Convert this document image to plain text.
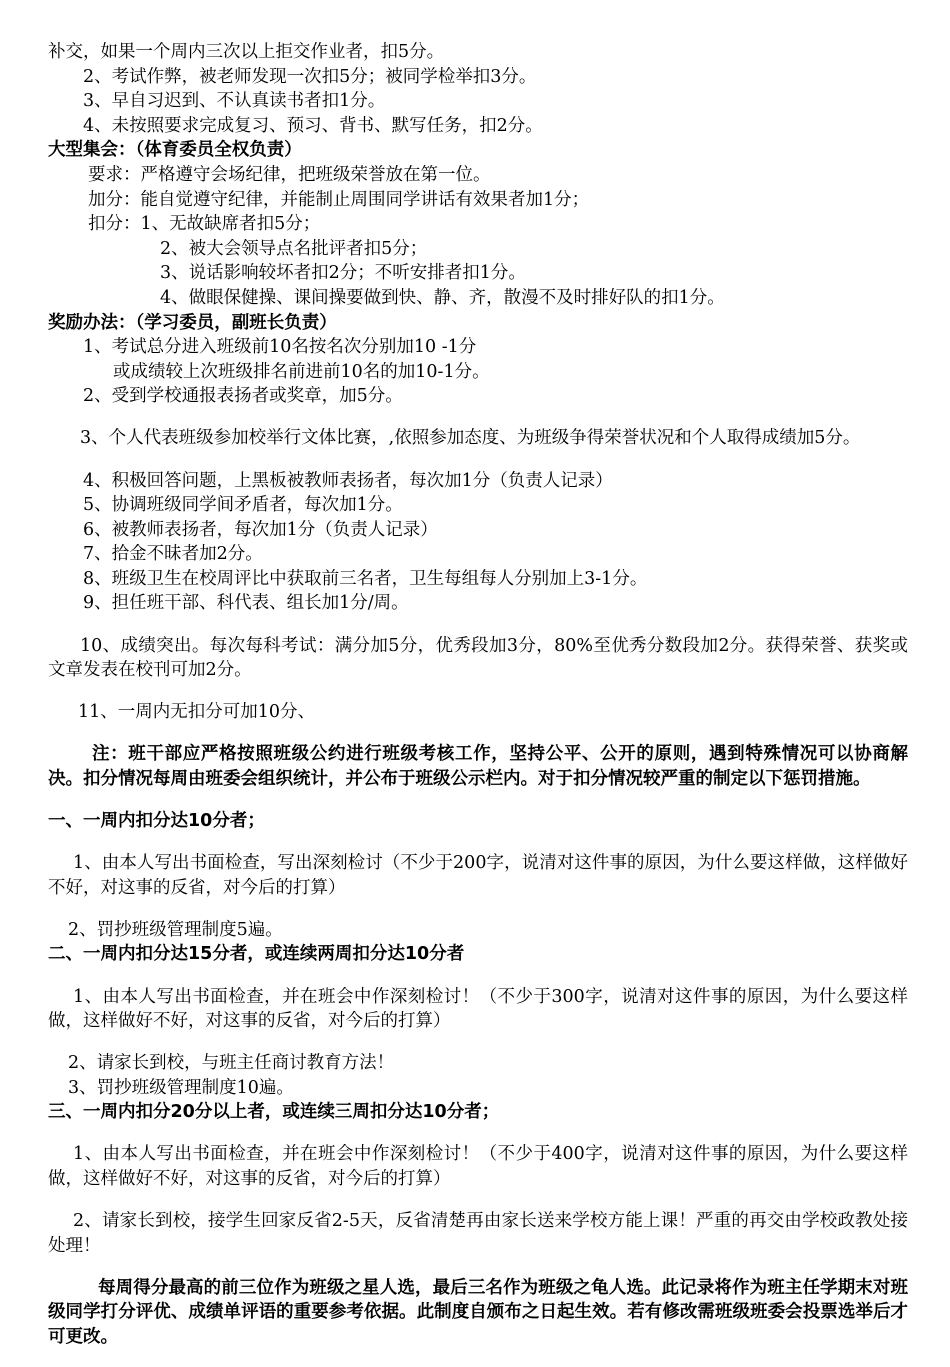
补交，如果一个周内三次以上拒交作业者，扣5分。

2、考试作弊，被老师发现一次扣5分；被同学检举扣3分。

3、早自习迟到、不认真读书者扣1分。

4、未按照要求完成复习、预习、背书、默写任务，扣2分。

大型集会：（体育委员全权负责）

要求：严格遵守会场纪律，把班级荣誉放在第一位。

加分：能自觉遵守纪律，并能制止周围同学讲话有效果者加1分；

扣分：1、无故缺席者扣5分；

2、被大会领导点名批评者扣5分；

3、说话影响较坏者扣2分；不听安排者扣1分。

4、做眼保健操、课间操要做到快、静、齐，散漫不及时排好队的扣1分。

奖励办法：（学习委员，副班长负责）

1、考试总分进入班级前10名按名次分别加10 -1分

或成绩较上次班级排名前进前10名的加10-1分。

2、受到学校通报表扬者或奖章，加5分。

3、个人代表班级参加校举行文体比赛，,依照参加态度、为班级争得荣誉状况和个人取得成绩加5分。

4、积极回答问题，上黑板被教师表扬者，每次加1分（负责人记录）

5、协调班级同学间矛盾者，每次加1分。

6、被教师表扬者，每次加1分（负责人记录）

7、拾金不昧者加2分。

8、班级卫生在校周评比中获取前三名者，卫生每组每人分别加上3-1分。

9、担任班干部、科代表、组长加1分/周。

10、成绩突出。每次每科考试：满分加5分，优秀段加3分，80%至优秀分数段加2分。获得荣誉、获奖或文章发表在校刊可加2分。

11、一周内无扣分可加10分、

注：班干部应严格按照班级公约进行班级考核工作，坚持公平、公开的原则，遇到特殊情况可以协商解决。扣分情况每周由班委会组织统计，并公布于班级公示栏内。对于扣分情况较严重的制定以下惩罚措施。

一、一周内扣分达10分者；

1、由本人写出书面检查，写出深刻检讨（不少于200字，说清对这件事的原因，为什么要这样做，这样做好不好，对这事的反省，对今后的打算）

2、罚抄班级管理制度5遍。

二、一周内扣分达15分者，或连续两周扣分达10分者

1、由本人写出书面检查，并在班会中作深刻检讨！（不少于300字，说清对这件事的原因，为什么要这样做，这样做好不好，对这事的反省，对今后的打算）

2、请家长到校，与班主任商讨教育方法！

3、罚抄班级管理制度10遍。

三、一周内扣分20分以上者，或连续三周扣分达10分者；

1、由本人写出书面检查，并在班会中作深刻检讨！（不少于400字，说清对这件事的原因，为什么要这样做，这样做好不好，对这事的反省，对今后的打算）

2、请家长到校，接学生回家反省2-5天，反省清楚再由家长送来学校方能上课！严重的再交由学校政教处接处理！

每周得分最高的前三位作为班级之星人选，最后三名作为班级之龟人选。此记录将作为班主任学期末对班级同学打分评优、成绩单评语的重要参考依据。此制度自颁布之日起生效。若有修改需班级班委会投票选举后才可更改。
